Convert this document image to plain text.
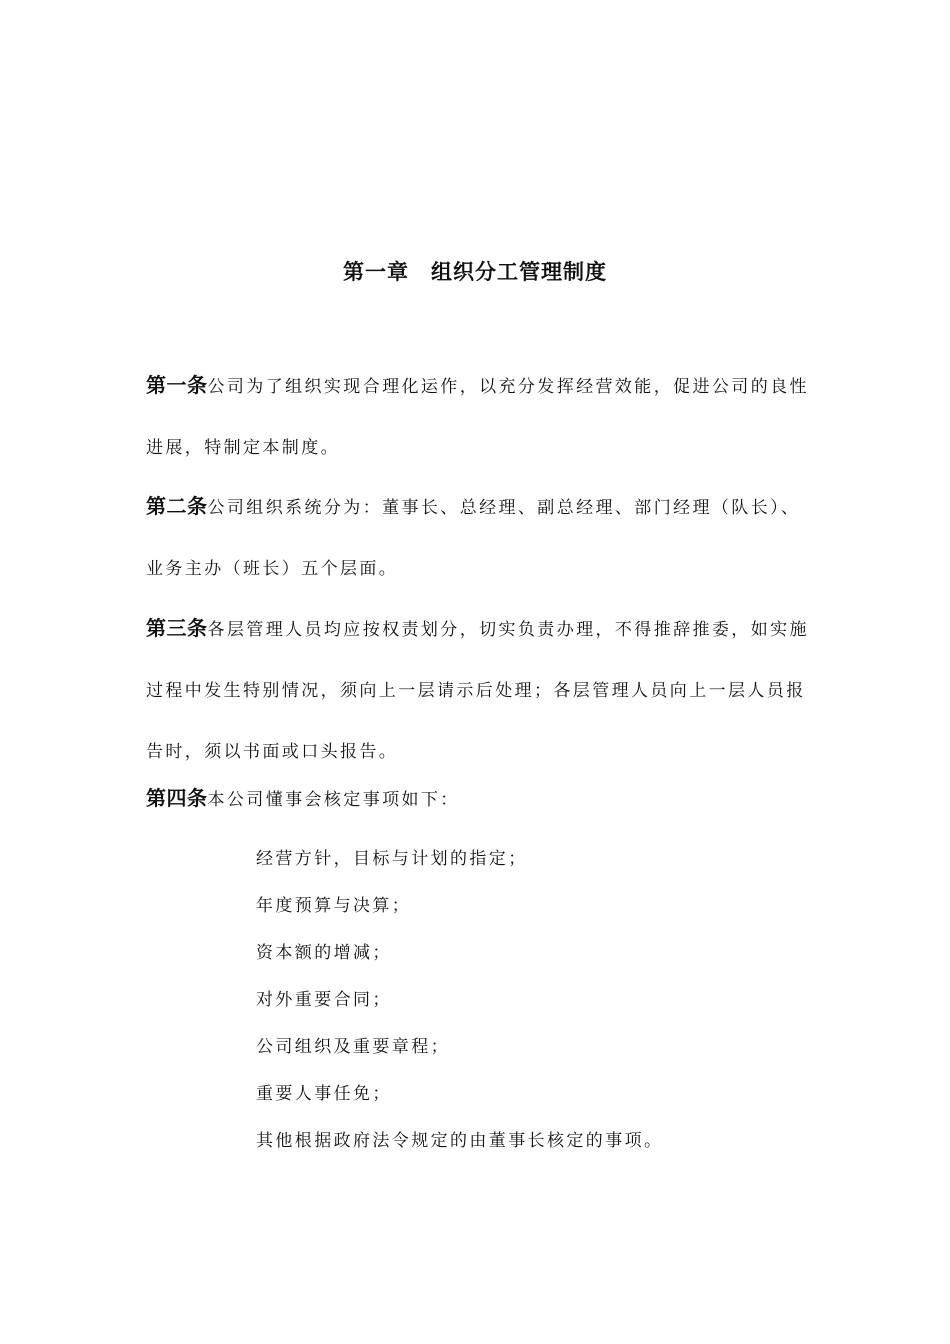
第一章　组织分工管理制度
第一条公司为了组织实现合理化运作，以充分发挥经营效能，促进公司的良性进展，特制定本制度。
第二条公司组织系统分为：董事长、总经理、副总经理、部门经理（队长）、业务主办（班长）五个层面。
第三条各层管理人员均应按权责划分，切实负责办理，不得推辞推委，如实施过程中发生特别情况，须向上一层请示后处理；各层管理人员向上一层人员报告时，须以书面或口头报告。
第四条本公司懂事会核定事项如下：
经营方针，目标与计划的指定；
年度预算与决算；
资本额的增减；
对外重要合同；
公司组织及重要章程；
重要人事任免；
其他根据政府法令规定的由董事长核定的事项。
